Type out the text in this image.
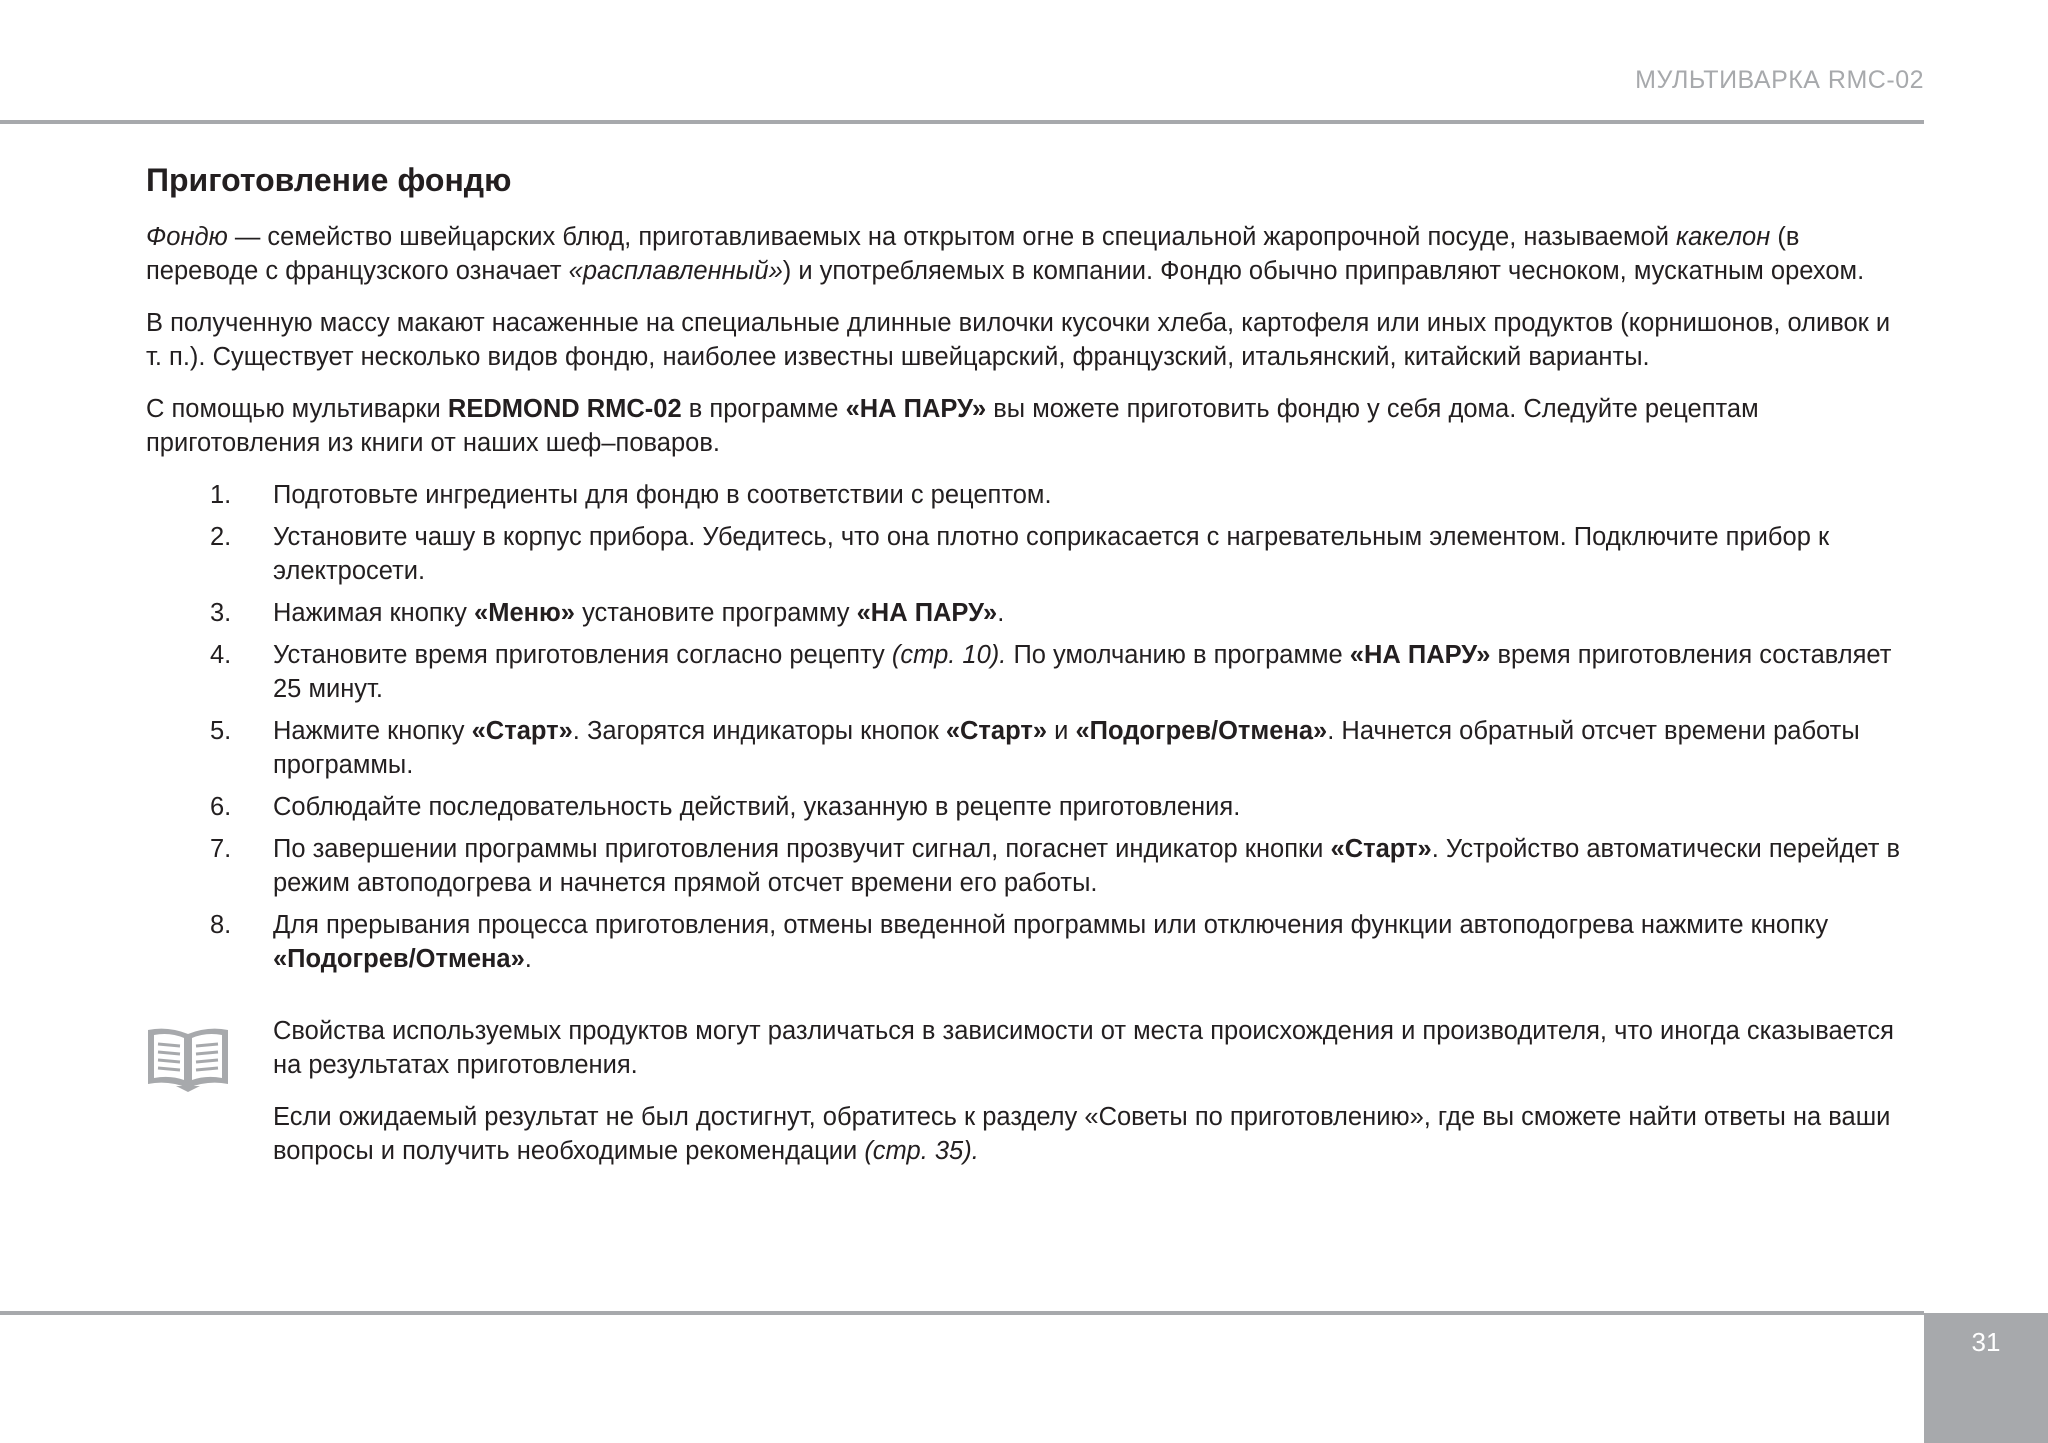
МУЛЬТИВАРКА RMC-02
Приготовление фондю

Фондю — семейство швейцарских блюд, приготавливаемых на открытом огне в специальной жаропрочной посуде, называемой какелон (в переводе с французского означает «расплавленный») и употребляемых в компании. Фондю обычно приправляют чесноком, мускатным орехом.

В полученную массу макают насаженные на специальные длинные вилочки кусочки хлеба, картофеля или иных продуктов (корнишонов, оливок и т. п.). Существует несколько видов фондю, наиболее известны швейцарский, французский, итальянский, китайский варианты.

С помощью мультиварки REDMOND RMC-02 в программе «НА ПАРУ» вы можете приготовить фондю у себя дома. Следуйте рецептам приготовления из книги от наших шеф–поваров.

1. Подготовьте ингредиенты для фондю в соответствии с рецептом.
2. Установите чашу в корпус прибора. Убедитесь, что она плотно соприкасается с нагревательным элементом. Подключите прибор к электросети.
3. Нажимая кнопку «Меню» установите программу «НА ПАРУ».
4. Установите время приготовления согласно рецепту (стр. 10). По умолчанию в программе «НА ПАРУ» время приготовления составляет 25 минут.
5. Нажмите кнопку «Старт». Загорятся индикаторы кнопок «Старт» и «Подогрев/Отмена». Начнется обратный отсчет времени работы программы.
6. Соблюдайте последовательность действий, указанную в рецепте приготовления.
7. По завершении программы приготовления прозвучит сигнал, погаснет индикатор кнопки «Старт». Устройство автоматически перейдет в режим автоподогрева и начнется прямой отсчет времени его работы.
8. Для прерывания процесса приготовления, отмены введенной программы или отключения функции автоподогрева нажмите кнопку «Подогрев/Отмена».

Свойства используемых продуктов могут различаться в зависимости от места происхождения и производителя, что иногда сказывается на результатах приготовления.

Если ожидаемый результат не был достигнут, обратитесь к разделу «Советы по приготовлению», где вы сможете найти ответы на ваши вопросы и получить необходимые рекомендации (стр. 35).

31
